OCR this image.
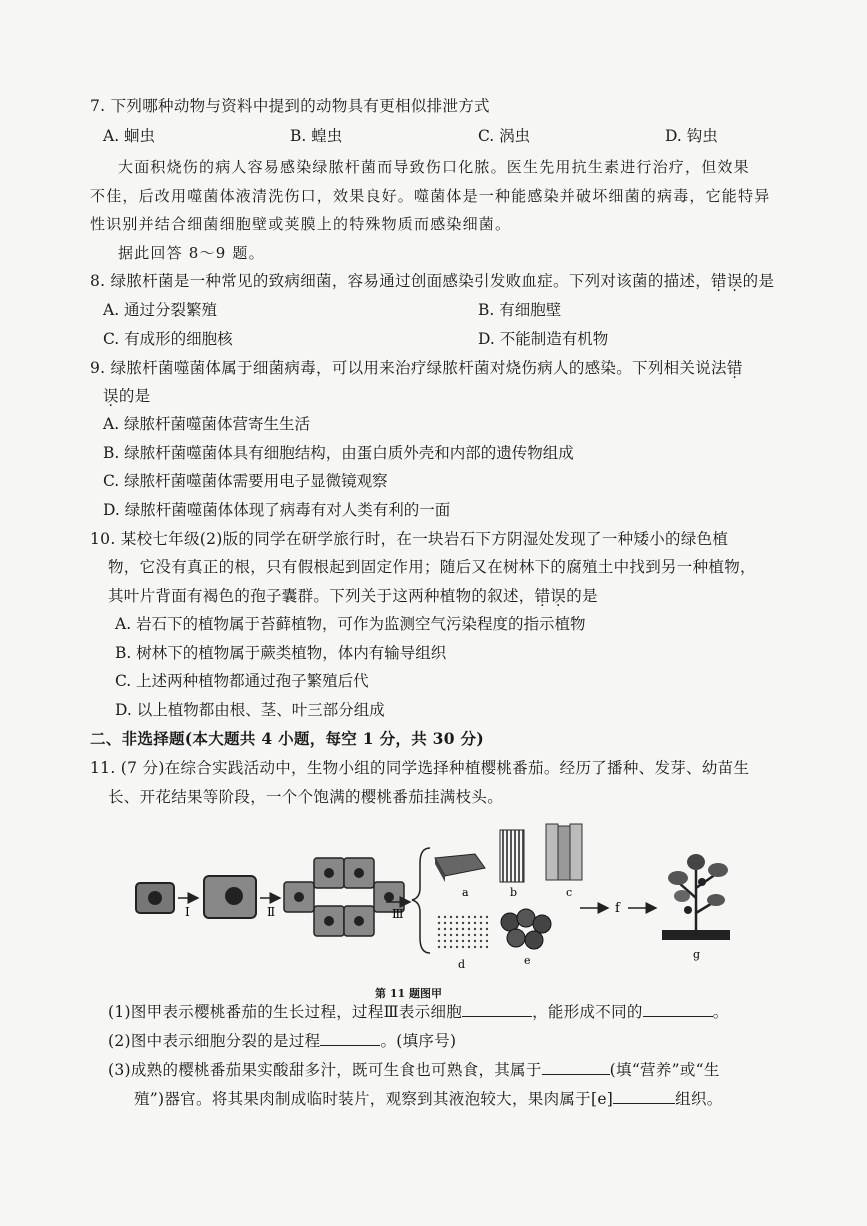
7. 下列哪种动物与资料中提到的动物具有更相似排泄方式
A. 蛔虫	B. 蝗虫	C. 涡虫	D. 钩虫
大面积烧伤的病人容易感染绿脓杆菌而导致伤口化脓。医生先用抗生素进行治疗，但效果
不佳，后改用噬菌体液清洗伤口，效果良好。噬菌体是一种能感染并破坏细菌的病毒，它能特异
性识别并结合细菌细胞壁或荚膜上的特殊物质而感染细菌。
据此回答 8～9 题。
8. 绿脓杆菌是一种常见的致病细菌，容易通过创面感染引发败血症。下列对该菌的描述，错误的是
A. 通过分裂繁殖	B. 有细胞壁
C. 有成形的细胞核	D. 不能制造有机物
9. 绿脓杆菌噬菌体属于细菌病毒，可以用来治疗绿脓杆菌对烧伤病人的感染。下列相关说法错
误的是
A. 绿脓杆菌噬菌体营寄生生活
B. 绿脓杆菌噬菌体具有细胞结构，由蛋白质外壳和内部的遗传物组成
C. 绿脓杆菌噬菌体需要用电子显微镜观察
D. 绿脓杆菌噬菌体体现了病毒有对人类有利的一面
10. 某校七年级(2)版的同学在研学旅行时，在一块岩石下方阴湿处发现了一种矮小的绿色植
物，它没有真正的根，只有假根起到固定作用；随后又在树林下的腐殖土中找到另一种植物，
其叶片背面有褐色的孢子囊群。下列关于这两种植物的叙述，错误的是
A. 岩石下的植物属于苔藓植物，可作为监测空气污染程度的指示植物
B. 树林下的植物属于蕨类植物，体内有输导组织
C. 上述两种植物都通过孢子繁殖后代
D. 以上植物都由根、茎、叶三部分组成
二、非选择题(本大题共 4 小题，每空 1 分，共 30 分)
11. (7 分)在综合实践活动中，生物小组的同学选择种植樱桃番茄。经历了播种、发芽、幼苗生
长、开花结果等阶段，一个个饱满的樱桃番茄挂满枝头。
Ⅰ	Ⅱ	Ⅲ
a	b	c
d	e
f
g
第 11 题图甲
(1)图甲表示樱桃番茄的生长过程，过程Ⅲ表示细胞	，能形成不同的	。
(2)图中表示细胞分裂的是过程	。(填序号)
(3)成熟的樱桃番茄果实酸甜多汁，既可生食也可熟食，其属于	(填“营养”或“生
殖”)器官。将其果肉制成临时装片，观察到其液泡较大，果肉属于[e]	组织。
